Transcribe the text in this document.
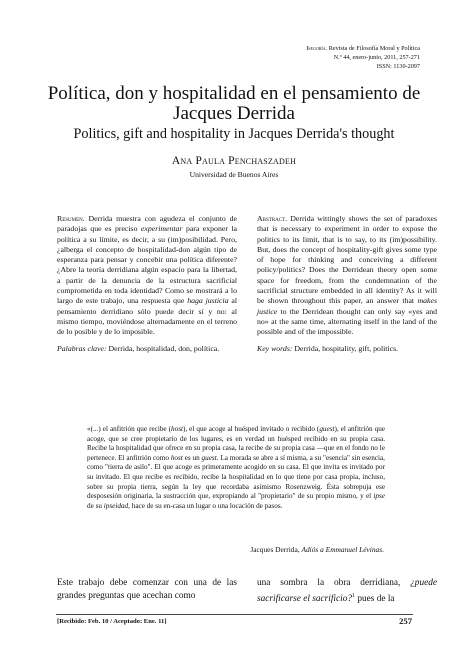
Isegoría. Revista de Filosofía Moral y Política
N.º 44, enero-junio, 2011, 257-271
ISSN: 1130-2097
Política, don y hospitalidad en el pensamiento de Jacques Derrida
Politics, gift and hospitality in Jacques Derrida's thought
Ana Paula Penchaszadeh
Universidad de Buenos Aires
Resumen. Derrida muestra con agudeza el conjunto de paradojas que es preciso experimentar para exponer la política a su límite, es decir, a su (im)posibilidad. Pero, ¿alberga el concepto de hospitalidad-don algún tipo de esperanza para pensar y concebir una política diferente? ¿Abre la teoría derridiana algún espacio para la libertad, a partir de la denuncia de la estructura sacrificial comprometida en toda identidad? Como se mostrará a lo largo de este trabajo, una respuesta que haga justicia al pensamiento derridiano sólo puede decir sí y no: al mismo tiempo, moviéndose alternadamente en el terreno de lo posible y de lo imposible.
Palabras clave: Derrida, hospitalidad, don, política.
Abstract. Derrida wittingly shows the set of paradoxes that is necessary to experiment in order to expose the politics to its limit, that is to say, to its (im)possibility. But, does the concept of hospitality-gift gives some type of hope for thinking and conceiving a different policy/politics? Does the Derridean theory open some space for freedom, from the condemnation of the sacrificial structure embedded in all identity? As it will be shown throughout this paper, an answer that makes justice to the Derridean thought can only say «yes and no» at the same time, alternating itself in the land of the possible and of the impossible.
Key words: Derrida, hospitality, gift, politics.
«(...) el anfitrión que recibe (host), el que acoge al huésped invitado o recibido (guest), el anfitrión que acoge, que se cree propietario de los lugares, es en verdad un huésped recibido en su propia casa. Recibe la hospitalidad que ofrece en su propia casa, la recibe de su propia casa —que en el fondo no le pertenece. El anfitrión como host es un guest. La morada se abre a sí misma, a su "esencia" sin esencia, como "tierra de asilo". El que acoge es primeramente acogido en su casa. El que invita es invitado por su invitado. El que recibe es recibido, recibe la hospitalidad en lo que tiene por casa propia, incluso, sobre su propia tierra, según la ley que recordaba asimismo Rosenzweig. Ésta sobrepuja ese desposesión originaria, la sustracción que, expropiando al "propietario" de su propio mismo, y el ipse de su ipseidad, hace de su en-casa un lugar o una locación de pasos.
Jacques Derrida, Adiós a Emmanuel Lévinas.
Este trabajo debe comenzar con una de las grandes preguntas que acechan como
una sombra la obra derridiana, ¿puede sacrificarse el sacrificio?$^1$ pues de la
[Recibido: Feb. 10 / Aceptado: Ene. 11]	257
